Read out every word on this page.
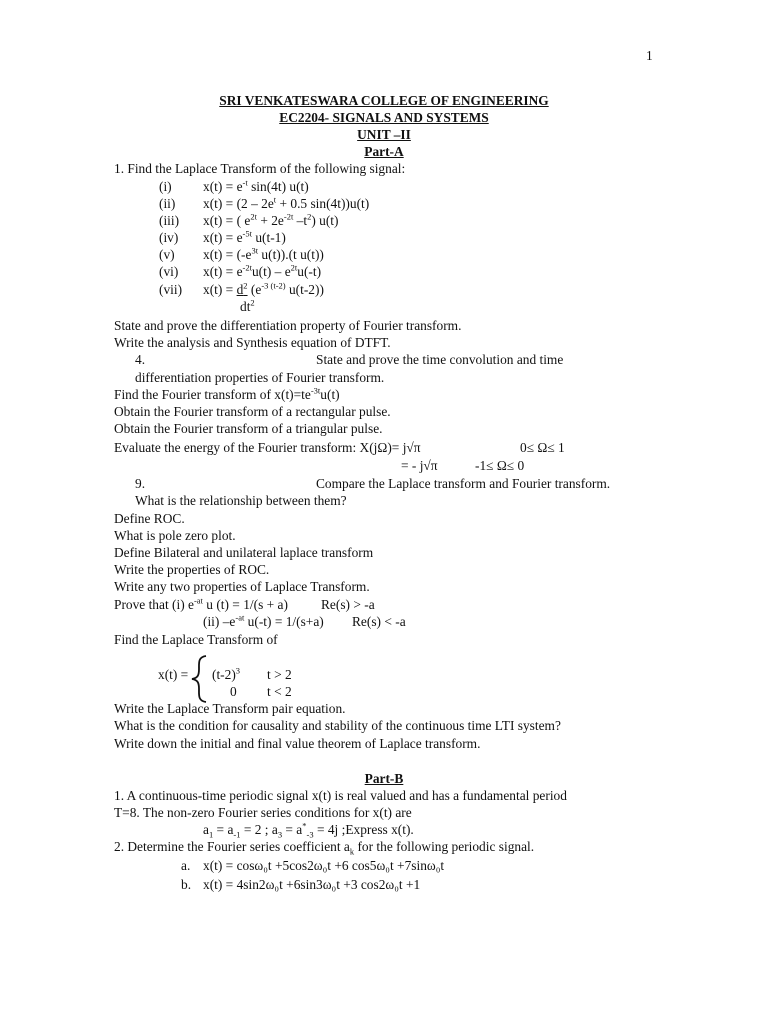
1
SRI VENKATESWARA COLLEGE OF ENGINEERING
EC2204- SIGNALS AND SYSTEMS
UNIT –II
Part-A
1. Find the Laplace Transform of the following signal:
(i) $x(t) = e^{-t}$ sin(4t) u(t)
(ii) $x(t) = (2 - 2e^t + 0.5$ sin(4t))u(t)
(iii) x(t) = ( $e^{2t} + 2e^{-2t}$ $-t^2$) u(t)
(iv) $x(t) = e^{-5t}$ u(t-1)
(v) $x(t) = (-e^{3t}$ u(t)).(t u(t))
(vi) $x(t) = e^{-2t}u(t) - e^{2t}u(-t)$
(vii) $x(t) = d^2$ ($e^{-3 (t-2)}$ u(t-2))
$dt^2$
State and prove the differentiation property of Fourier transform.
Write the analysis and Synthesis equation of DTFT.
4.	State and prove the time convolution and time
differentiation properties of Fourier transform.
Find the Fourier transform of $x(t)=te^{-3t}u(t)$
Obtain the Fourier transform of a rectangular pulse.
Obtain the Fourier transform of a triangular pulse.
Evaluate the energy of the Fourier transform: X(jΩ)= j√π	0≤ Ω≤ 1
= - j√π	-1≤ Ω≤ 0
9.	Compare the Laplace transform and Fourier transform.
What is the relationship between them?
Define ROC.
What is pole zero plot.
Define Bilateral and unilateral laplace transform
Write the properties of ROC.
Write any two properties of Laplace Transform.
Prove that (i) $e^{-at}$ u (t) = 1/(s + a) Re(s) > -a
(ii) $-e^{-at}$ u(-t) = 1/(s+a) Re(s) < -a
Find the Laplace Transform of
$x(t) = (t-2)^3$ t > 2
0 t < 2
Write the Laplace Transform pair equation.
What is the condition for causality and stability of the continuous time LTI system?
Write down the initial and final value theorem of Laplace transform.
Part-B
1. A continuous-time periodic signal x(t) is real valued and has a fundamental period
T=8. The non-zero Fourier series conditions for x(t) are
$a_1 = a_{-1} = 2$ ; $a_3 = a^*_{-3} = 4j$ ;Express x(t).
2. Determine the Fourier series coefficient $a_k$ for the following periodic signal.
a. x(t) = cosω₀t +5cos2ω₀t +6 cos5ω₀t +7sinω₀t
b. x(t) = 4sin2ω₀t +6sin3ω₀t +3 cos2ω₀t +1
